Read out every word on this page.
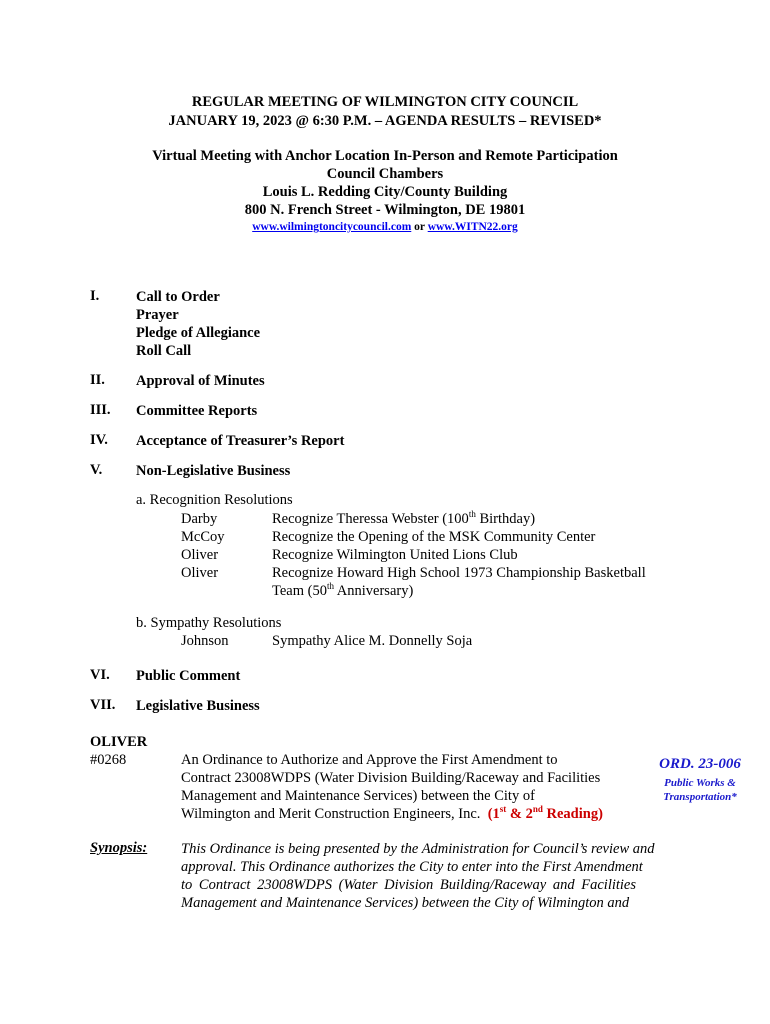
REGULAR MEETING OF WILMINGTON CITY COUNCIL
JANUARY 19, 2023 @ 6:30 P.M. – AGENDA RESULTS – REVISED*
Virtual Meeting with Anchor Location In-Person and Remote Participation
Council Chambers
Louis L. Redding City/County Building
800 N. French Street - Wilmington, DE 19801
www.wilmingtoncitycouncil.com or www.WITN22.org
I.	Call to Order
Prayer
Pledge of Allegiance
Roll Call
II. Approval of Minutes
III. Committee Reports
IV. Acceptance of Treasurer’s Report
V. Non-Legislative Business
a. Recognition Resolutions
Darby	Recognize Theressa Webster (100th Birthday)
McCoy	Recognize the Opening of the MSK Community Center
Oliver	Recognize Wilmington United Lions Club
Oliver	Recognize Howard High School 1973 Championship Basketball
Team (50th Anniversary)
b. Sympathy Resolutions
Johnson	Sympathy Alice M. Donnelly Soja
VI. Public Comment
VII. Legislative Business
OLIVER
#0268	An Ordinance to Authorize and Approve the First Amendment to
Contract 23008WDPS (Water Division Building/Raceway and Facilities
Management and Maintenance Services) between the City of
Wilmington and Merit Construction Engineers, Inc. (1st & 2nd Reading)
ORD. 23-006
Public Works &
Transportation*
Synopsis: This Ordinance is being presented by the Administration for Council’s review and
approval. This Ordinance authorizes the City to enter into the First Amendment
to Contract 23008WDPS (Water Division Building/Raceway and Facilities
Management and Maintenance Services) between the City of Wilmington and
